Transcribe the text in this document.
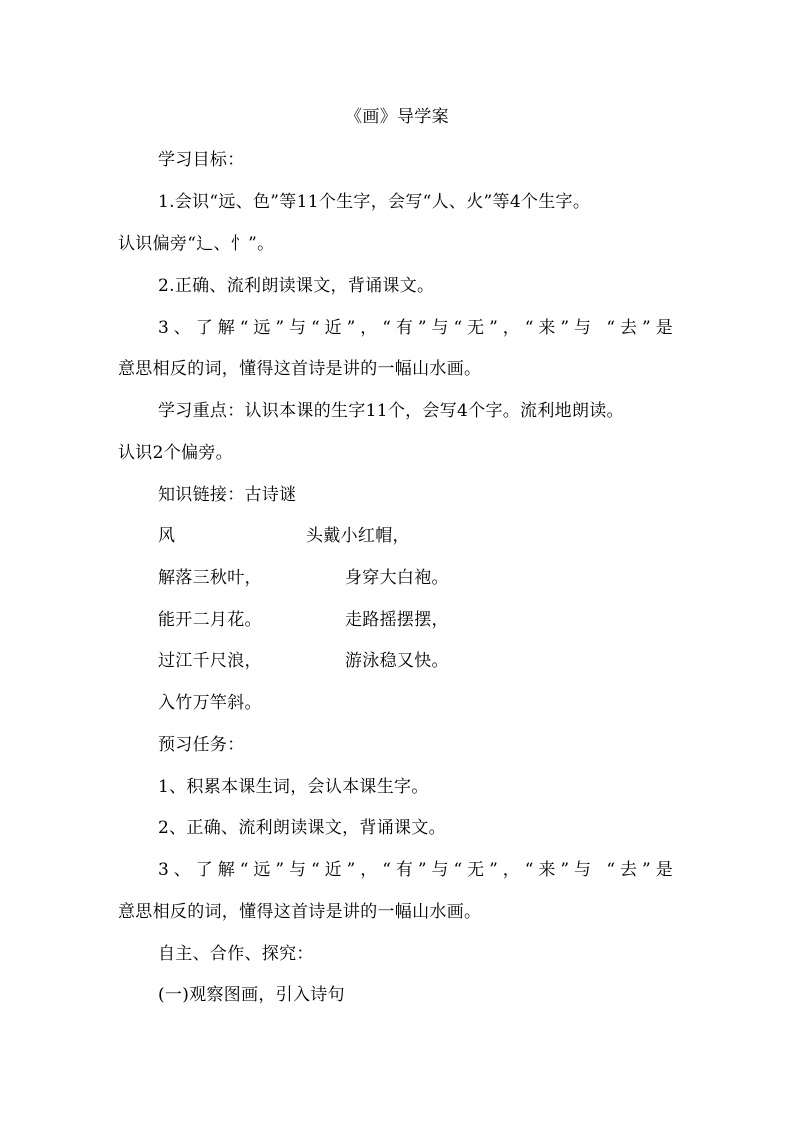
《画》导学案
学习目标：
1.会识“远、色”等11个生字，会写“人、火”等4个生字。
认识偏旁“辶、忄”。
2.正确、流利朗读课文，背诵课文。
3、了解“远”与“近”，“有”与“无”，“来”与 “去”是
意思相反的词，懂得这首诗是讲的一幅山水画。
学习重点：认识本课的生字11个，会写4个字。流利地朗读。
认识2个偏旁。
知识链接：古诗谜
风
解落三秋叶，
能开二月花。
过江千尺浪，
入竹万竿斜。
头戴小红帽，
身穿大白袍。
走路摇摆摆，
游泳稳又快。
预习任务：
1、积累本课生词，会认本课生字。
2、正确、流利朗读课文，背诵课文。
3、了解“远”与“近”，“有”与“无”，“来”与 “去”是
意思相反的词，懂得这首诗是讲的一幅山水画。
自主、合作、探究：
(一)观察图画，引入诗句
